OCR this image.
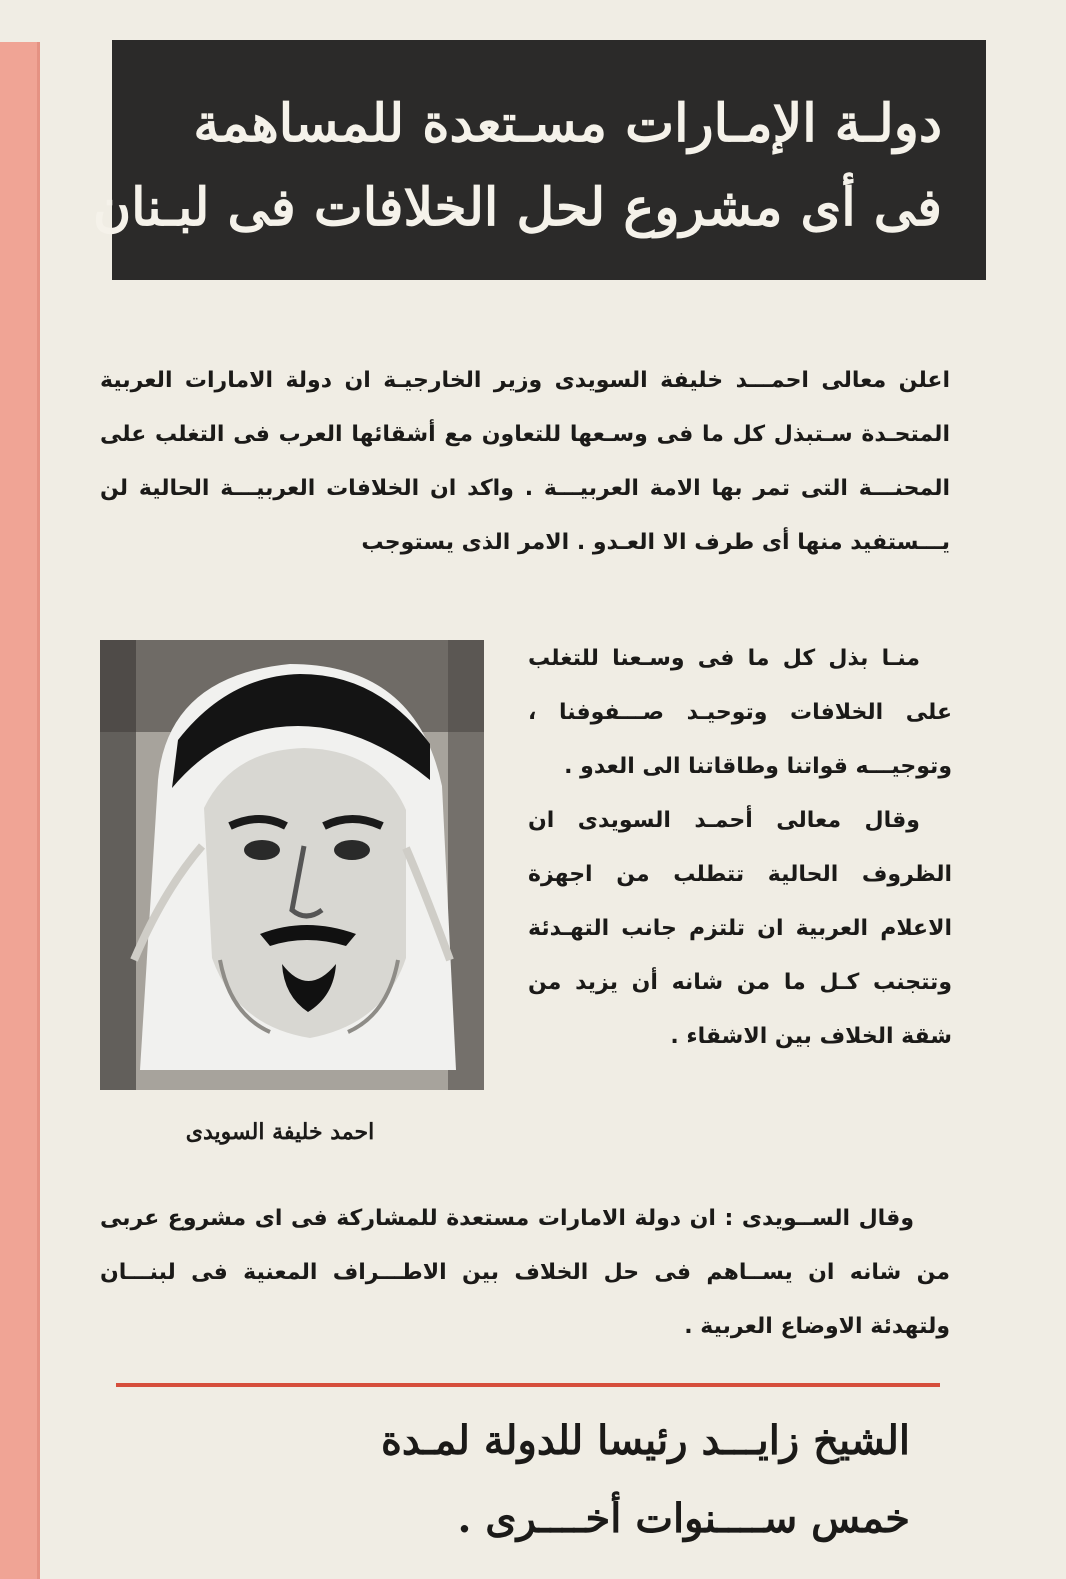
دولـة الإمـارات مسـتعدة للمساهمة
فى أى مشروع لحل الخلافات فى لبـنان

اعلن معالى احمـــد خليفة السويدى وزير الخارجيـة ان دولة الامارات العربية المتحـدة سـتبذل كل ما فى وسـعها للتعاون مع أشقائها العرب فى التغلب على المحنـــة التى تمر بها الامة العربيـــة . واكد ان الخلافات العربيـــة الحالية لن يـــستفيد منها أى طرف الا العـدو . الامر الذى يستوجب

احمد خليفة السويدى

منـا بذل كل ما فى وسـعنا للتغلب على الخلافات وتوحيـد صـــفوفنا ، وتوجيـــه قواتنا وطاقاتنا الى العدو .

وقال معالى أحمـد السويدى ان الظروف الحالية تتطلب من اجهزة الاعلام العربية ان تلتزم جانب التهـدئة وتتجنب كـل ما من شانه أن يزيد من شقة الخلاف بين الاشقاء .

وقال الســويدى : ان دولة الامارات مستعدة للمشاركة فى اى مشروع عربى من شانه ان يســاهم فى حل الخلاف بين الاطـــراف المعنية فى لبنـــان ولتهدئة الاوضاع العربية .

الشيخ زايـــد رئيسا للدولة لمـدة
خمس ســــنوات أخــــرى .
